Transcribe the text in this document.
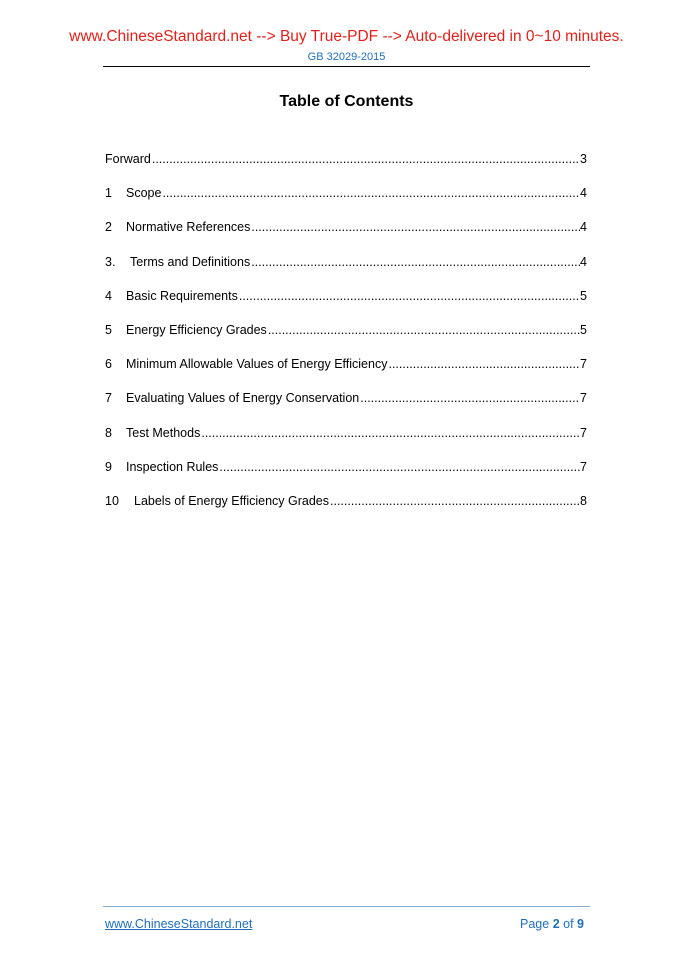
www.ChineseStandard.net --> Buy True-PDF --> Auto-delivered in 0~10 minutes.
GB 32029-2015
Table of Contents
Forward .....	3
1	Scope .....	4
2	Normative References .....	4
3.	Terms and Definitions .....	4
4	Basic Requirements .....	5
5	Energy Efficiency Grades .....	5
6	Minimum Allowable Values of Energy Efficiency .....	7
7	Evaluating Values of Energy Conservation .....	7
8	Test Methods .....	7
9	Inspection Rules .....	7
10	Labels of Energy Efficiency Grades .....	8
www.ChineseStandard.net	Page 2 of 9
